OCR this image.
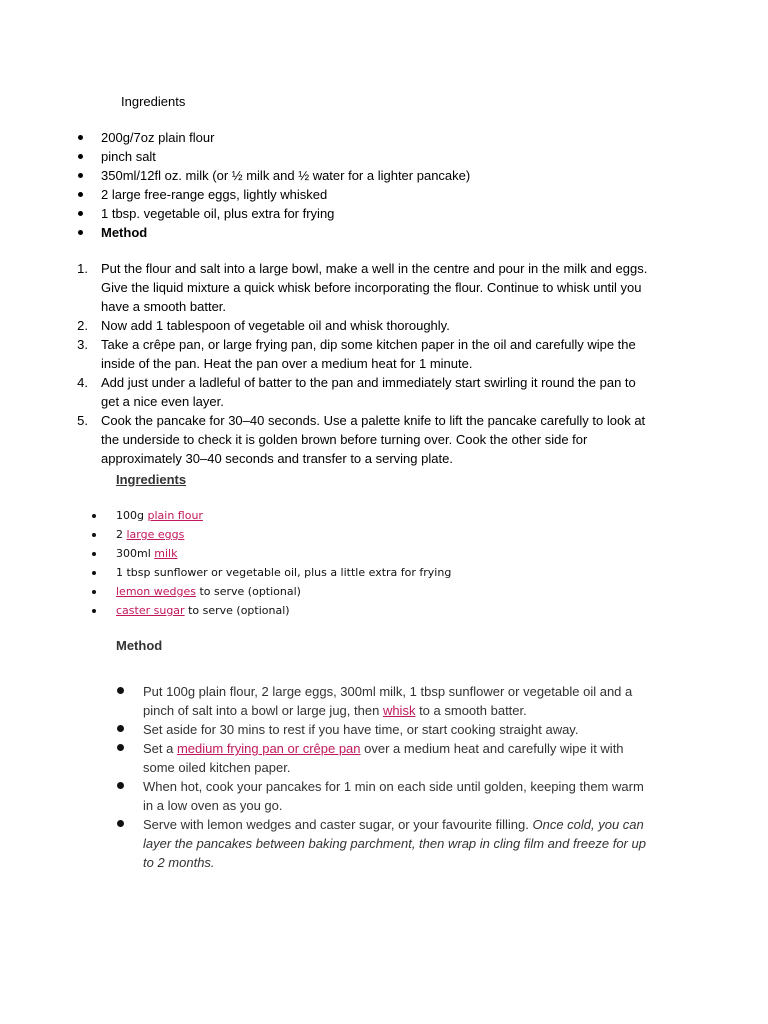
Ingredients
200g/7oz plain flour
pinch salt
350ml/12fl oz. milk (or ½ milk and ½ water for a lighter pancake)
2 large free-range eggs, lightly whisked
1 tbsp. vegetable oil, plus extra for frying
Method
1. Put the flour and salt into a large bowl, make a well in the centre and pour in the milk and eggs.
Give the liquid mixture a quick whisk before incorporating the flour. Continue to whisk until you
have a smooth batter.
2. Now add 1 tablespoon of vegetable oil and whisk thoroughly.
3. Take a crêpe pan, or large frying pan, dip some kitchen paper in the oil and carefully wipe the
inside of the pan. Heat the pan over a medium heat for 1 minute.
4. Add just under a ladleful of batter to the pan and immediately start swirling it round the pan to
get a nice even layer.
5. Cook the pancake for 30–40 seconds. Use a palette knife to lift the pancake carefully to look at
the underside to check it is golden brown before turning over. Cook the other side for
approximately 30–40 seconds and transfer to a serving plate.
Ingredients
100g plain flour
2 large eggs
300ml milk
1 tbsp sunflower or vegetable oil, plus a little extra for frying
lemon wedges to serve (optional)
caster sugar to serve (optional)
Method
Put 100g plain flour, 2 large eggs, 300ml milk, 1 tbsp sunflower or vegetable oil and a
pinch of salt into a bowl or large jug, then whisk to a smooth batter.
Set aside for 30 mins to rest if you have time, or start cooking straight away.
Set a medium frying pan or crêpe pan over a medium heat and carefully wipe it with
some oiled kitchen paper.
When hot, cook your pancakes for 1 min on each side until golden, keeping them warm
in a low oven as you go.
Serve with lemon wedges and caster sugar, or your favourite filling. Once cold, you can
layer the pancakes between baking parchment, then wrap in cling film and freeze for up
to 2 months.
